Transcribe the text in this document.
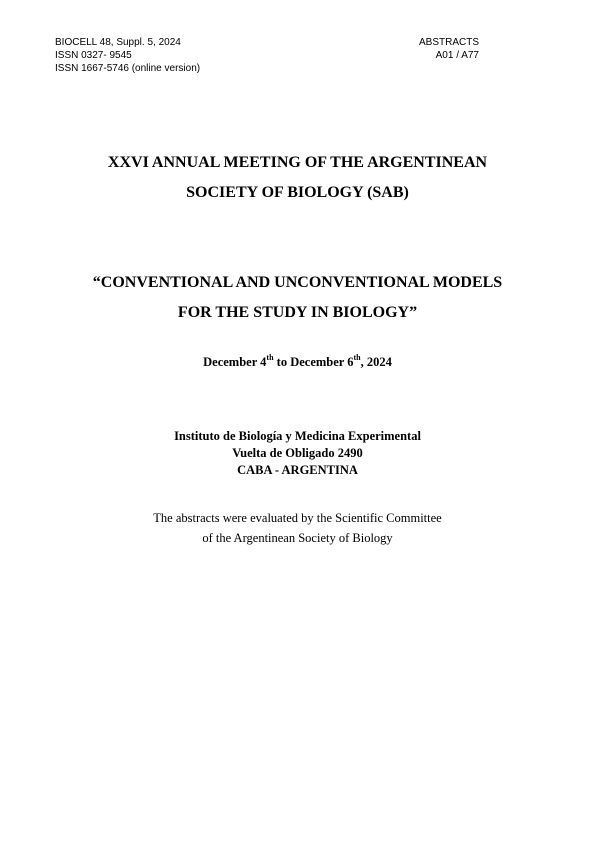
BIOCELL 48, Suppl. 5, 2024
ISSN 0327- 9545
ISSN 1667-5746 (online version)
ABSTRACTS
A01 / A77
XXVI ANNUAL MEETING OF THE ARGENTINEAN
SOCIETY OF BIOLOGY (SAB)
“CONVENTIONAL AND UNCONVENTIONAL MODELS
FOR THE STUDY IN BIOLOGY”
December 4th to December 6th, 2024
Instituto de Biología y Medicina Experimental
Vuelta de Obligado 2490
CABA - ARGENTINA
The abstracts were evaluated by the Scientific Committee
of the Argentinean Society of Biology
